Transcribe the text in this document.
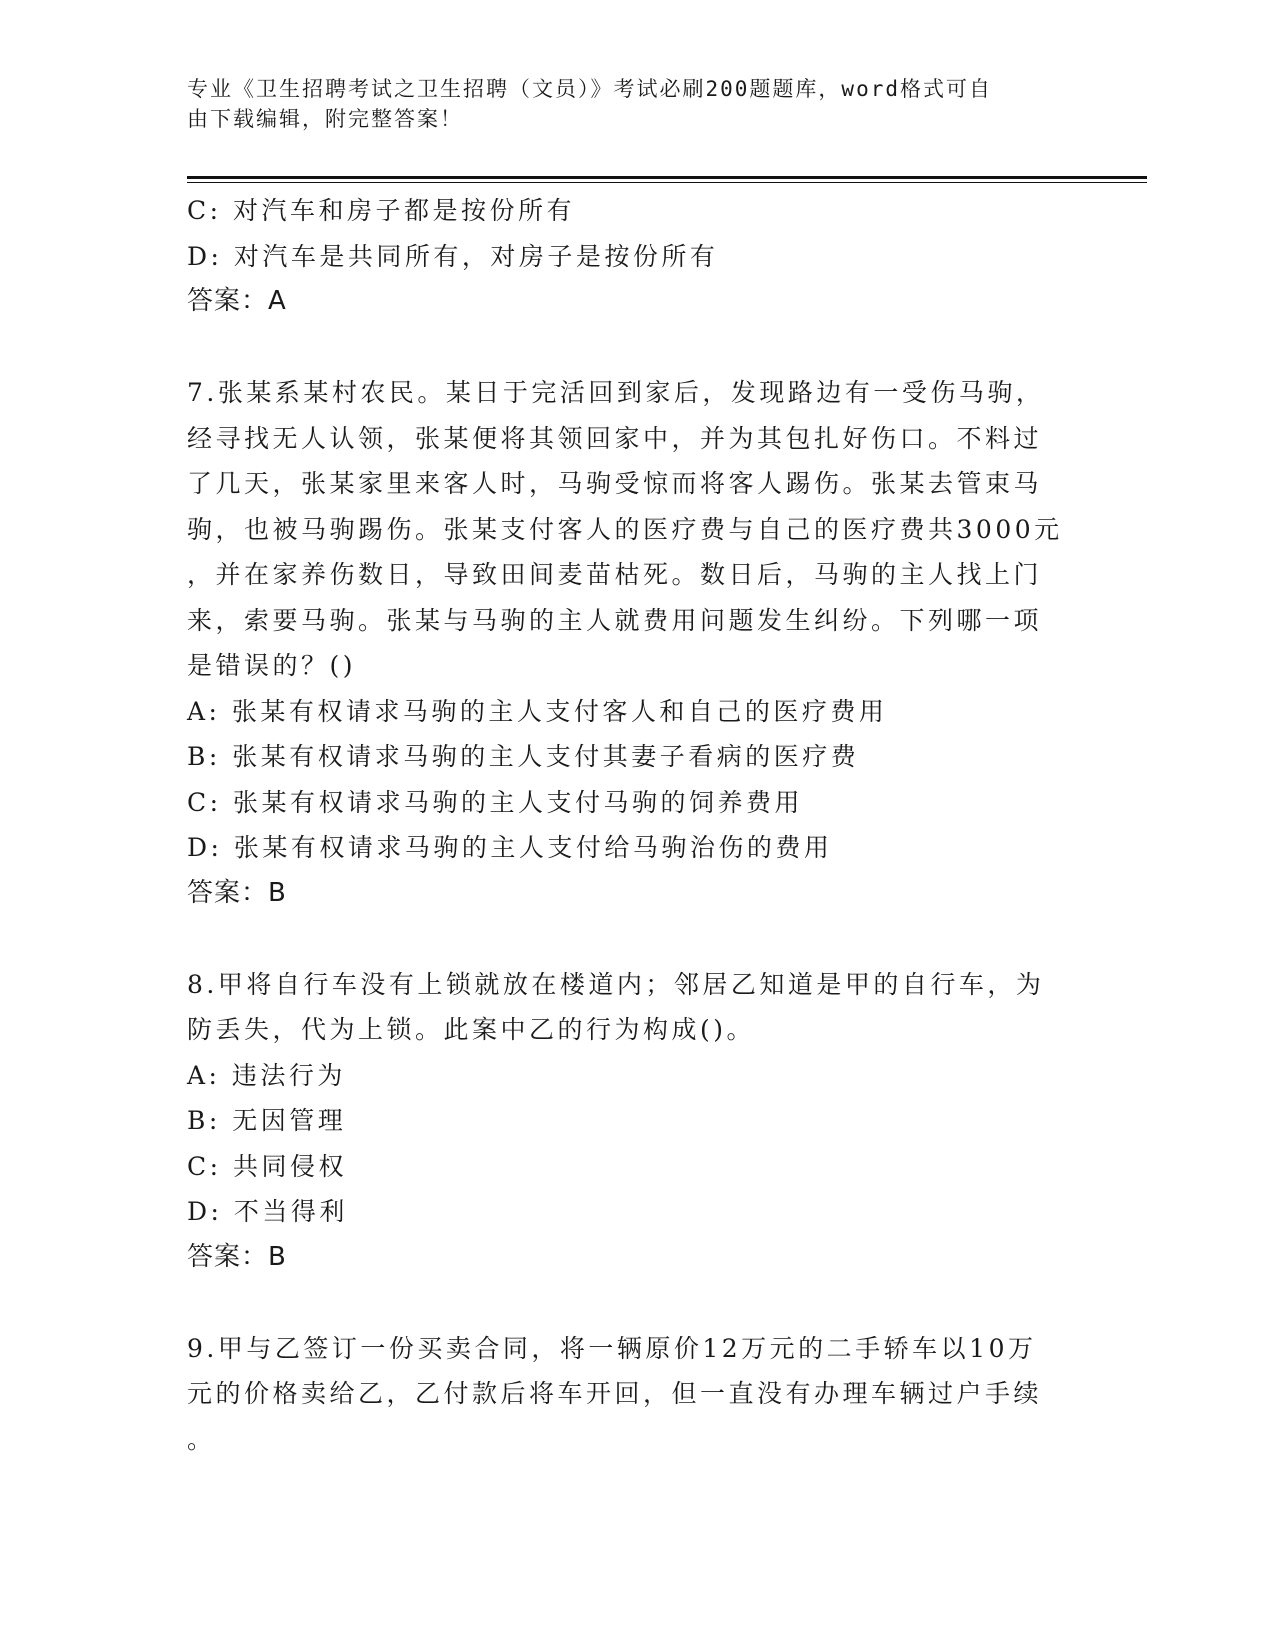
专业《卫生招聘考试之卫生招聘（文员）》考试必刷200题题库，word格式可自
由下载编辑，附完整答案！
C: 对汽车和房子都是按份所有
D: 对汽车是共同所有，对房子是按份所有
答案：A
7.张某系某村农民。某日于完活回到家后，发现路边有一受伤马驹，
经寻找无人认领，张某便将其领回家中，并为其包扎好伤口。不料过
了几天，张某家里来客人时，马驹受惊而将客人踢伤。张某去管束马
驹，也被马驹踢伤。张某支付客人的医疗费与自己的医疗费共3000元
，并在家养伤数日，导致田间麦苗枯死。数日后，马驹的主人找上门
来，索要马驹。张某与马驹的主人就费用问题发生纠纷。下列哪一项
是错误的？()
A: 张某有权请求马驹的主人支付客人和自己的医疗费用
B: 张某有权请求马驹的主人支付其妻子看病的医疗费
C: 张某有权请求马驹的主人支付马驹的饲养费用
D: 张某有权请求马驹的主人支付给马驹治伤的费用
答案：B
8.甲将自行车没有上锁就放在楼道内；邻居乙知道是甲的自行车，为
防丢失，代为上锁。此案中乙的行为构成()。
A: 违法行为
B: 无因管理
C: 共同侵权
D: 不当得利
答案：B
9.甲与乙签订一份买卖合同，将一辆原价12万元的二手轿车以10万
元的价格卖给乙，乙付款后将车开回，但一直没有办理车辆过户手续
。
